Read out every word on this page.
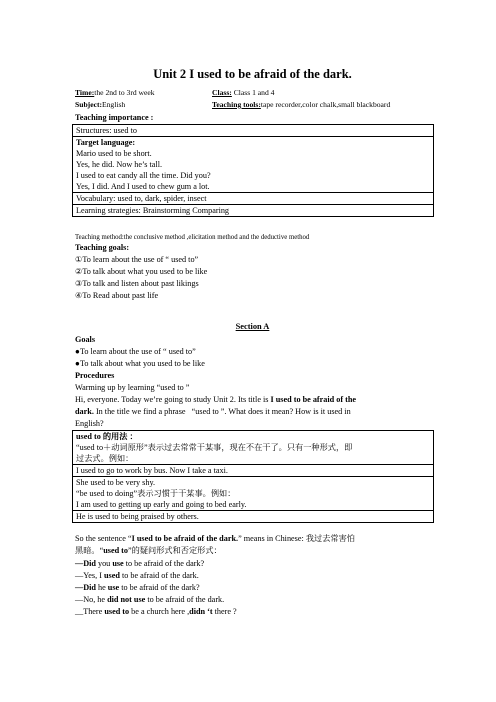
Unit 2 I used to be afraid of the dark.
Time:the 2nd to 3rd week	Class: Class 1 and 4
Subject:English	Teaching tools:tape recorder,color chalk,small blackboard
Teaching importance :
Structures: used to
Target language:
Mario used to be short.
Yes, he did. Now he’s tall.
I used to eat candy all the time. Did you?
Yes, I did. And I used to chew gum a lot.
Vocabulary: used to, dark, spider, insect
Learning strategies: Brainstorming Comparing
Teaching method:the conclusive method ,elicitation method and the deductive method
Teaching goals:
①To learn about the use of “ used to”
②To talk about what you used to be like
③To talk and listen about past likings
④To Read about past life
Section A
Goals
●To learn about the use of “ used to”
●To talk about what you used to be like
Procedures
Warming up by learning “used to ”
Hi, everyone. Today we’re going to study Unit 2. Its title is I used to be afraid of the
dark. In the title we find a phrase   “used to ”. What does it mean? How is it used in
English?
used to 的用法 ：
“used to＋动词原形”表示过去常常干某事，现在不在干了。只有一种形式，即
过去式。例如：
I used to go to work by bus. Now I take a taxi.
She used to be very shy.
“be used to doing”表示习惯于干某事。例如：
I am used to getting up early and going to bed early.
He is used to being praised by others.
So the sentence “I used to be afraid of the dark.” means in Chinese: 我过去常害怕
黑暗。“used to”的疑问形式和否定形式：
—Did you use to be afraid of the dark?
—Yes, I used to be afraid of the dark.
—Did he use to be afraid of the dark?
—No, he did not use to be afraid of the dark.
__There used to be a church here ,didn ‘t there ?
